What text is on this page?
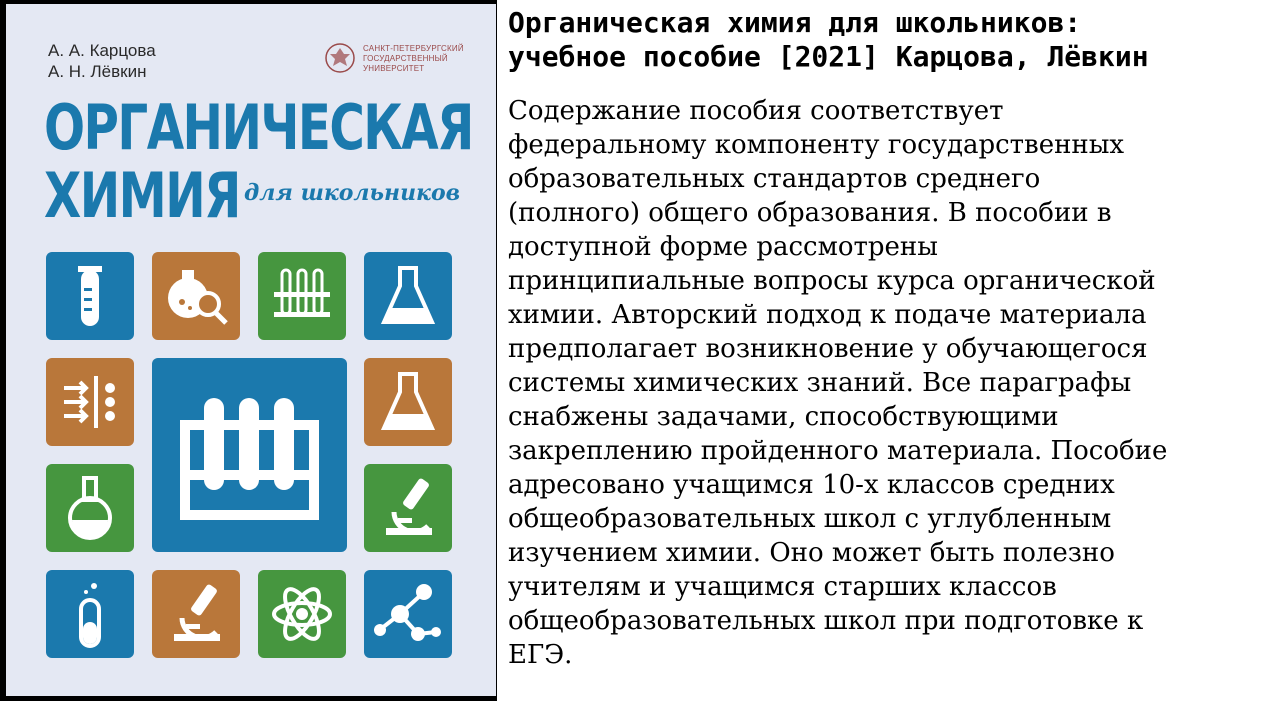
А. А. Карцова
А. Н. Лёвкин
САНКТ-ПЕТЕРБУРГСКИЙ
ГОСУДАРСТВЕННЫЙ
УНИВЕРСИТЕТ
ОРГАНИЧЕСКАЯ
ХИМИЯ для школьников
Органическая химия для школьников:
учебное пособие [2021] Карцова, Лёвкин
Содержание пособия соответствует
федеральному компоненту государственных
образовательных стандартов среднего
(полного) общего образования. В пособии в
доступной форме рассмотрены
принципиальные вопросы курса органической
химии. Авторский подход к подаче материала
предполагает возникновение у обучающегося
системы химических знаний. Все параграфы
снабжены задачами, способствующими
закреплению пройденного материала. Пособие
адресовано учащимся 10-х классов средних
общеобразовательных школ с углубленным
изучением химии. Оно может быть полезно
учителям и учащимся старших классов
общеобразовательных школ при подготовке к
ЕГЭ.
